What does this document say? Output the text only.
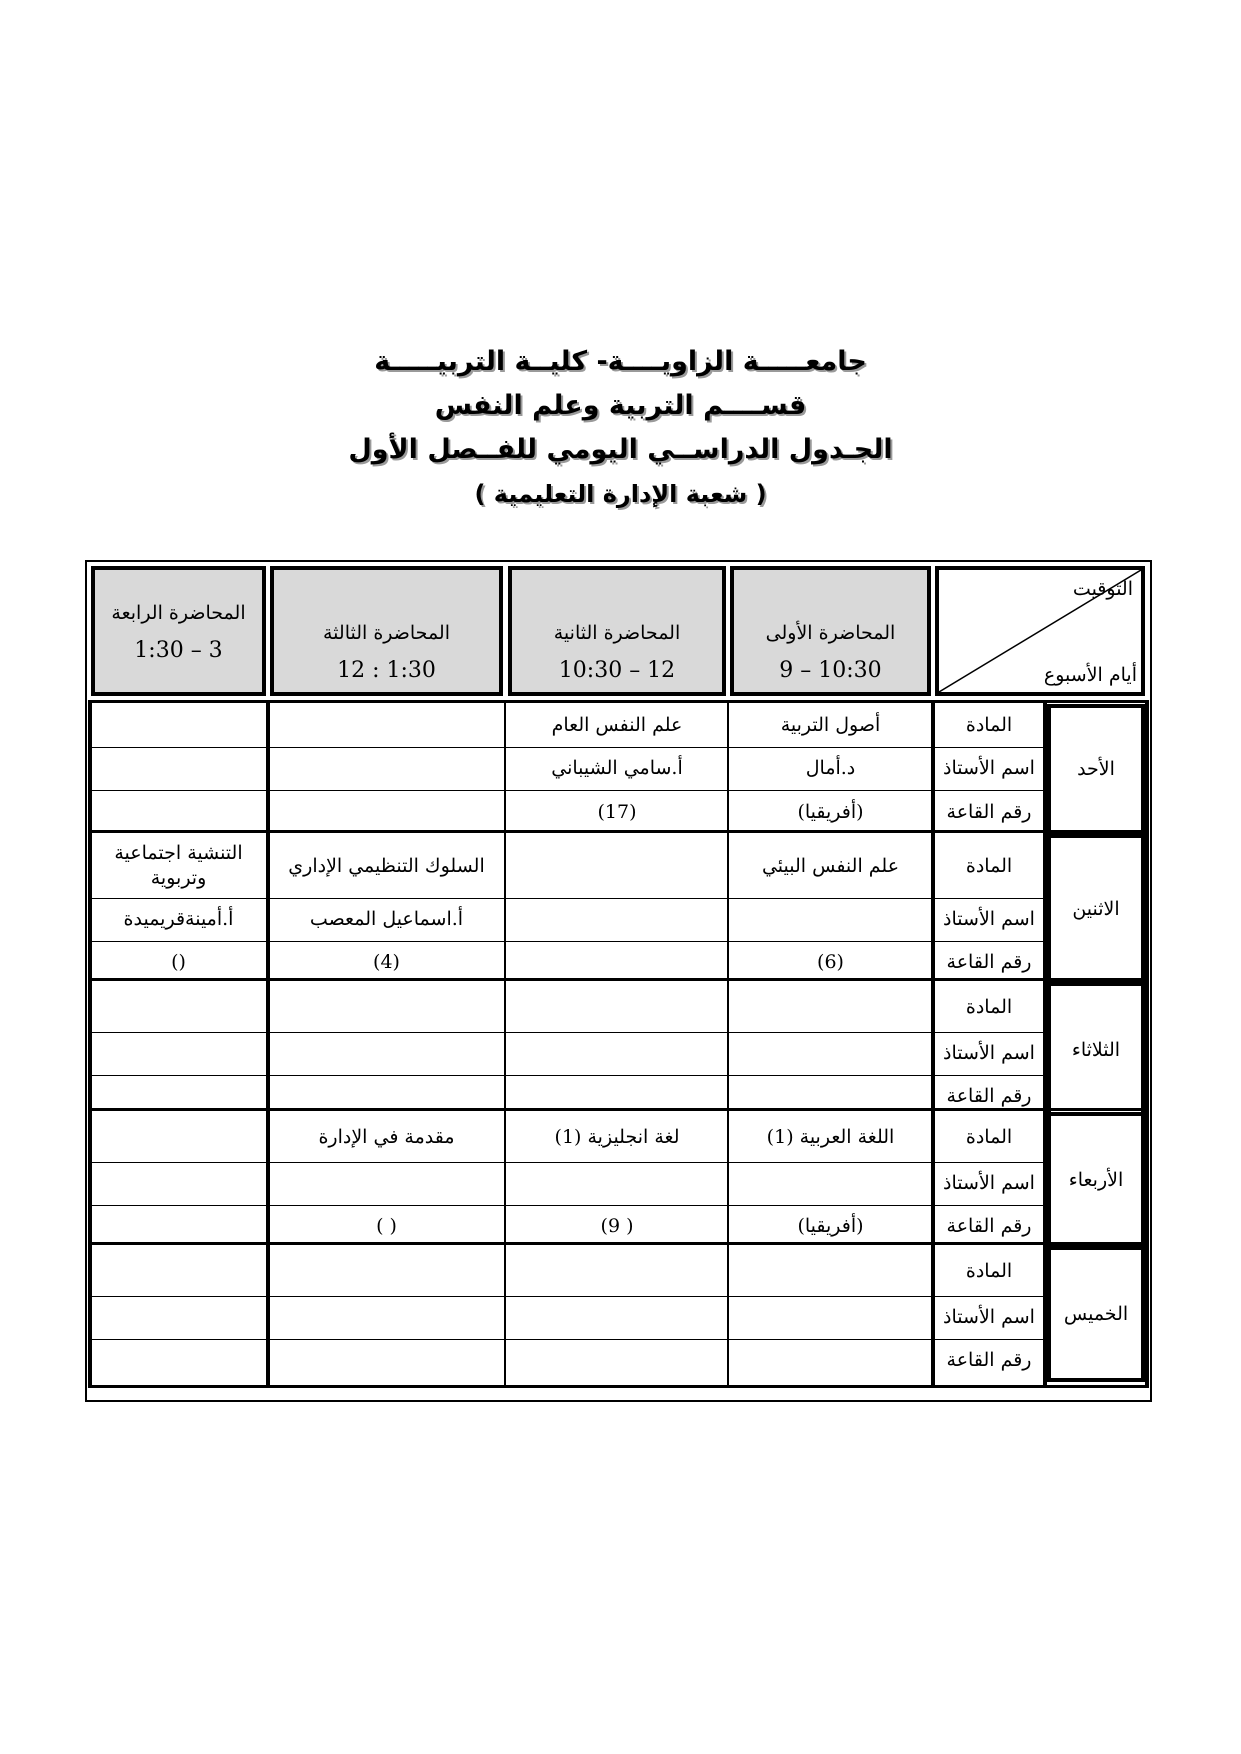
جامعـــــة الزاويــــة- كليــة التربيـــــة
قســــم التربية وعلم النفس
الجـدول الدراســي اليومي للفــصل الأول
( شعبة الإدارة التعليمية )
التوقيت
أيام الأسبوع
المحاضرة الأولى
9 – 10:30
المحاضرة الثانية
10:30 – 12
المحاضرة الثالثة
12 : 1:30
المحاضرة الرابعة
1:30 – 3
الأحد
المادة
أصول التربية
علم النفس العام
اسم الأستاذ
د.أمال
أ.سامي الشيباني
رقم القاعة
(أفريقيا)
(17)
الاثنين
المادة
علم النفس البيئي
السلوك التنظيمي الإداري
التنشية اجتماعية وتربوية
اسم الأستاذ
أ.اسماعيل المعصب
أ.أمينةقريميدة
رقم القاعة
(6)
(4)
()
الثلاثاء
المادة
اسم الأستاذ
رقم القاعة
الأربعاء
المادة
اللغة العربية (1)
لغة انجليزية (1)
مقدمة في الإدارة
اسم الأستاذ
رقم القاعة
(أفريقيا)
( 9)
( )
الخميس
المادة
اسم الأستاذ
رقم القاعة
